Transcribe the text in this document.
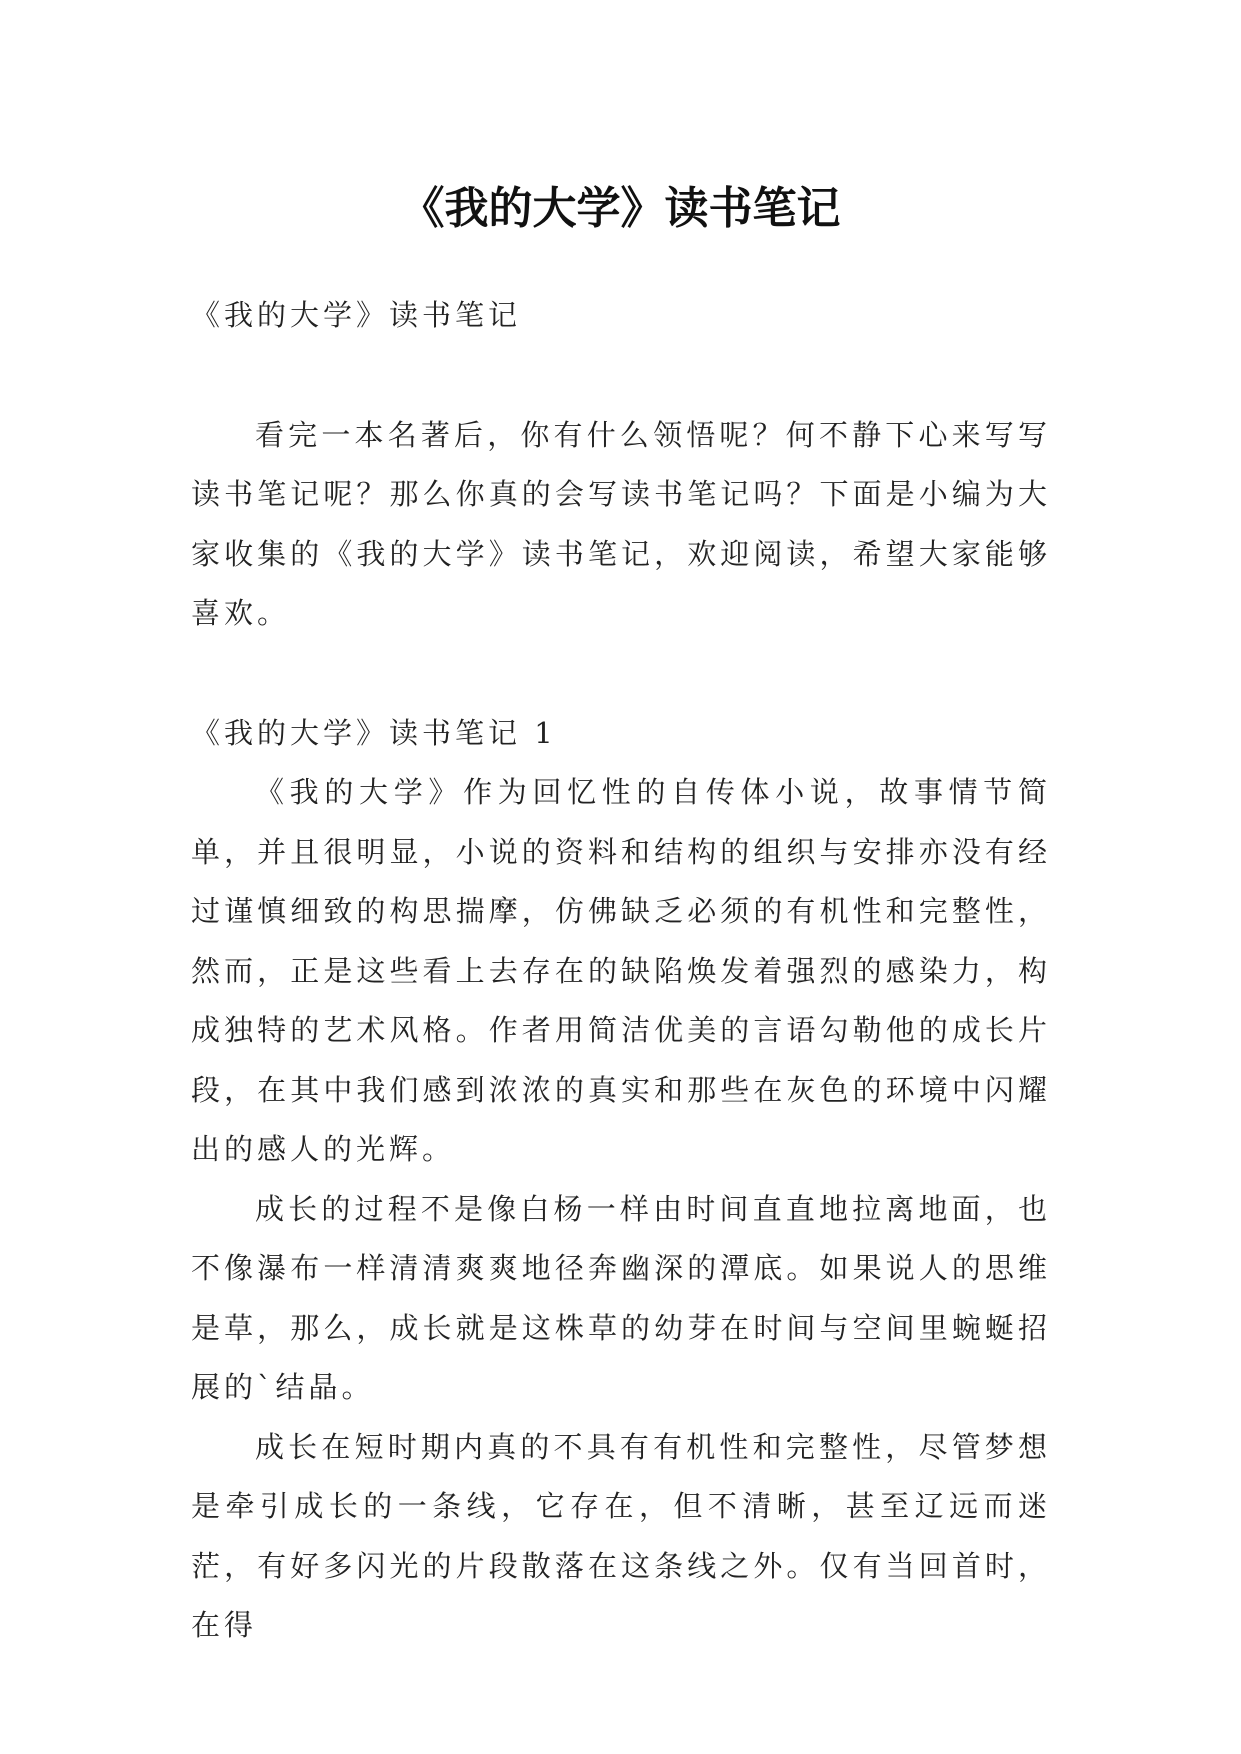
《我的大学》读书笔记

《我的大学》读书笔记

看完一本名著后，你有什么领悟呢？何不静下心来写写读书笔记呢？那么你真的会写读书笔记吗？下面是小编为大家收集的《我的大学》读书笔记，欢迎阅读，希望大家能够喜欢。

《我的大学》读书笔记 1

《我的大学》作为回忆性的自传体小说，故事情节简单，并且很明显，小说的资料和结构的组织与安排亦没有经过谨慎细致的构思揣摩，仿佛缺乏必须的有机性和完整性，然而，正是这些看上去存在的缺陷焕发着强烈的感染力，构成独特的艺术风格。作者用简洁优美的言语勾勒他的成长片段，在其中我们感到浓浓的真实和那些在灰色的环境中闪耀出的感人的光辉。

成长的过程不是像白杨一样由时间直直地拉离地面，也不像瀑布一样清清爽爽地径奔幽深的潭底。如果说人的思维是草，那么，成长就是这株草的幼芽在时间与空间里蜿蜒招展的`结晶。

成长在短时期内真的不具有有机性和完整性，尽管梦想是牵引成长的一条线，它存在，但不清晰，甚至辽远而迷茫，有好多闪光的片段散落在这条线之外。仅有当回首时，在得
